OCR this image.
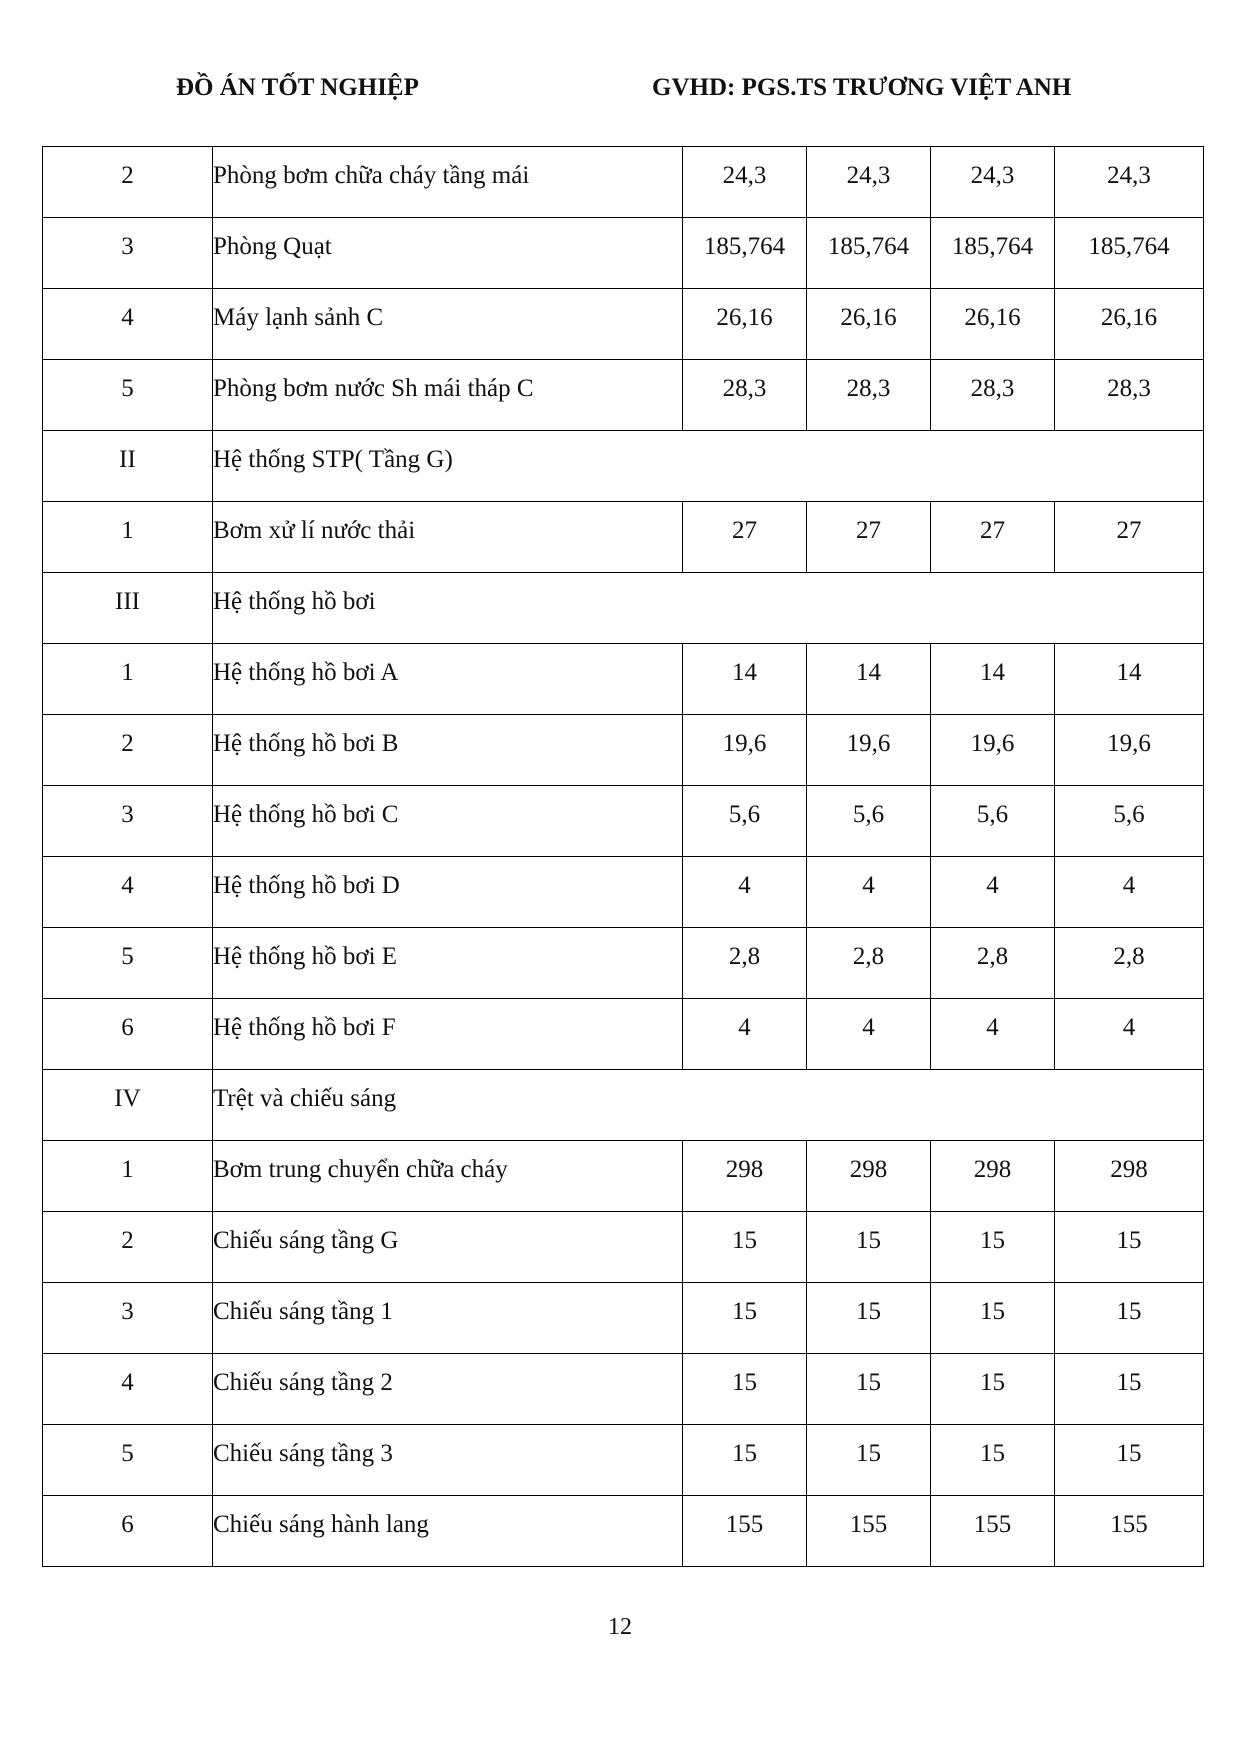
ĐỒ ÁN TỐT NGHIỆP	GVHD: PGS.TS TRƯƠNG VIỆT ANH
2	Phòng bơm chữa cháy tầng mái	24,3	24,3	24,3	24,3
3	Phòng Quạt	185,764	185,764	185,764	185,764
4	Máy lạnh sảnh C	26,16	26,16	26,16	26,16
5	Phòng bơm nước Sh mái tháp C	28,3	28,3	28,3	28,3
II	Hệ thống STP( Tầng G)				
1	Bơm xử lí nước thải	27	27	27	27
III	Hệ thống hồ bơi				
1	Hệ thống hồ bơi A	14	14	14	14
2	Hệ thống hồ bơi B	19,6	19,6	19,6	19,6
3	Hệ thống hồ bơi C	5,6	5,6	5,6	5,6
4	Hệ thống hồ bơi D	4	4	4	4
5	Hệ thống hồ bơi E	2,8	2,8	2,8	2,8
6	Hệ thống hồ bơi F	4	4	4	4
IV	Trệt và chiếu sáng				
1	Bơm trung chuyển chữa cháy	298	298	298	298
2	Chiếu sáng tầng G	15	15	15	15
3	Chiếu sáng tầng 1	15	15	15	15
4	Chiếu sáng tầng 2	15	15	15	15
5	Chiếu sáng tầng 3	15	15	15	15
6	Chiếu sáng hành lang	155	155	155	155
12
